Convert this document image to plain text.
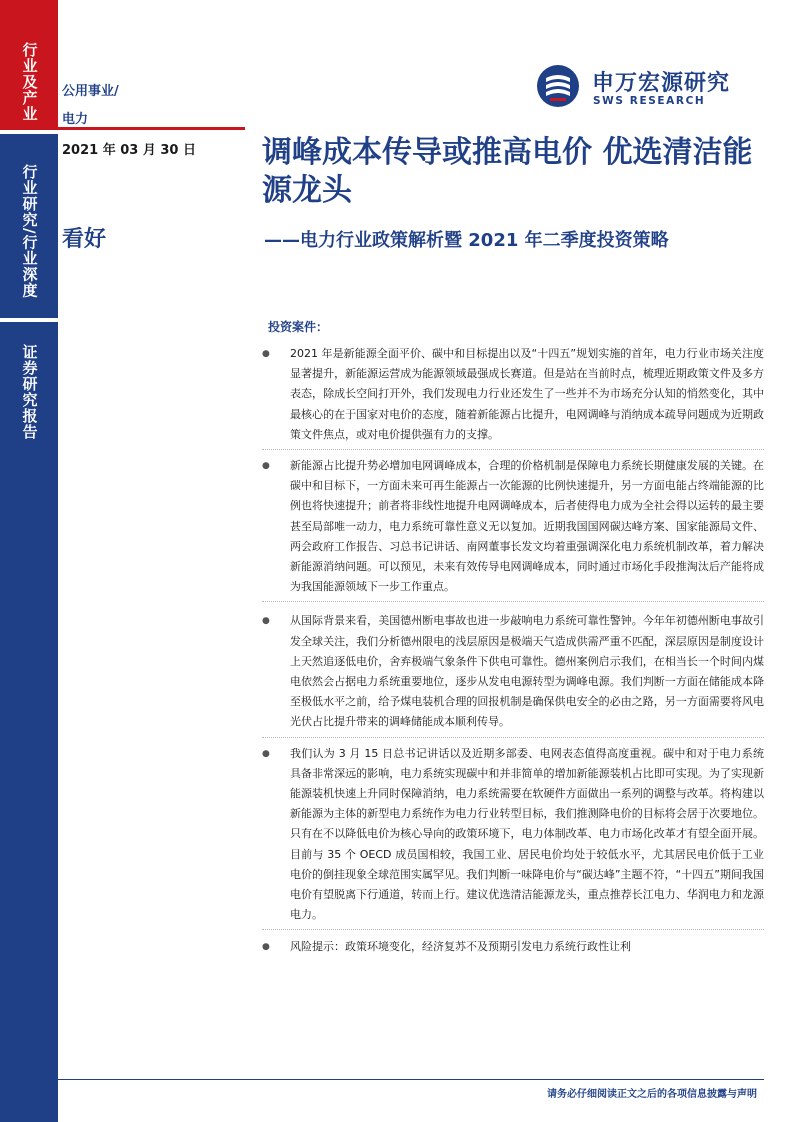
行业及产业
行业研究/行业深度
证券研究报告
公用事业/
电力
2021 年 03 月 30 日
看好
申万宏源研究
SWS RESEARCH
调峰成本传导或推高电价 优选清洁能源龙头
——电力行业政策解析暨 2021 年二季度投资策略
投资案件：
● 2021 年是新能源全面平价、碳中和目标提出以及“十四五”规划实施的首年，电力行业市场关注度显著提升，新能源运营成为能源领域最强成长赛道。但是站在当前时点，梳理近期政策文件及多方表态，除成长空间打开外，我们发现电力行业还发生了一些并不为市场充分认知的悄然变化，其中最核心的在于国家对电价的态度，随着新能源占比提升，电网调峰与消纳成本疏导问题成为近期政策文件焦点，或对电价提供强有力的支撑。
● 新能源占比提升势必增加电网调峰成本，合理的价格机制是保障电力系统长期健康发展的关键。在碳中和目标下，一方面未来可再生能源占一次能源的比例快速提升，另一方面电能占终端能源的比例也将快速提升；前者将非线性地提升电网调峰成本，后者使得电力成为全社会得以运转的最主要甚至局部唯一动力，电力系统可靠性意义无以复加。近期我国国网碳达峰方案、国家能源局文件、两会政府工作报告、习总书记讲话、南网董事长发文均着重强调深化电力系统机制改革，着力解决新能源消纳问题。可以预见，未来有效传导电网调峰成本，同时通过市场化手段推淘汰后产能将成为我国能源领域下一步工作重点。
● 从国际背景来看，美国德州断电事故也进一步敲响电力系统可靠性警钟。今年年初德州断电事故引发全球关注，我们分析德州限电的浅层原因是极端天气造成供需严重不匹配，深层原因是制度设计上天然追逐低电价，舍弃极端气象条件下供电可靠性。德州案例启示我们，在相当长一个时间内煤电依然会占据电力系统重要地位，逐步从发电电源转型为调峰电源。我们判断一方面在储能成本降至极低水平之前，给予煤电装机合理的回报机制是确保供电安全的必由之路，另一方面需要将风电光伏占比提升带来的调峰储能成本顺利传导。
● 我们认为 3 月 15 日总书记讲话以及近期多部委、电网表态值得高度重视。碳中和对于电力系统具备非常深远的影响，电力系统实现碳中和并非简单的增加新能源装机占比即可实现。为了实现新能源装机快速上升同时保障消纳，电力系统需要在软硬件方面做出一系列的调整与改革。将构建以新能源为主体的新型电力系统作为电力行业转型目标，我们推测降电价的目标将会居于次要地位。只有在不以降低电价为核心导向的政策环境下，电力体制改革、电力市场化改革才有望全面开展。目前与 35 个 OECD 成员国相较，我国工业、居民电价均处于较低水平，尤其居民电价低于工业电价的倒挂现象全球范围实属罕见。我们判断一味降电价与“碳达峰”主题不符，“十四五”期间我国电价有望脱离下行通道，转而上行。建议优选清洁能源龙头，重点推荐长江电力、华润电力和龙源电力。
● 风险提示：政策环境变化，经济复苏不及预期引发电力系统行政性让利
请务必仔细阅读正文之后的各项信息披露与声明
